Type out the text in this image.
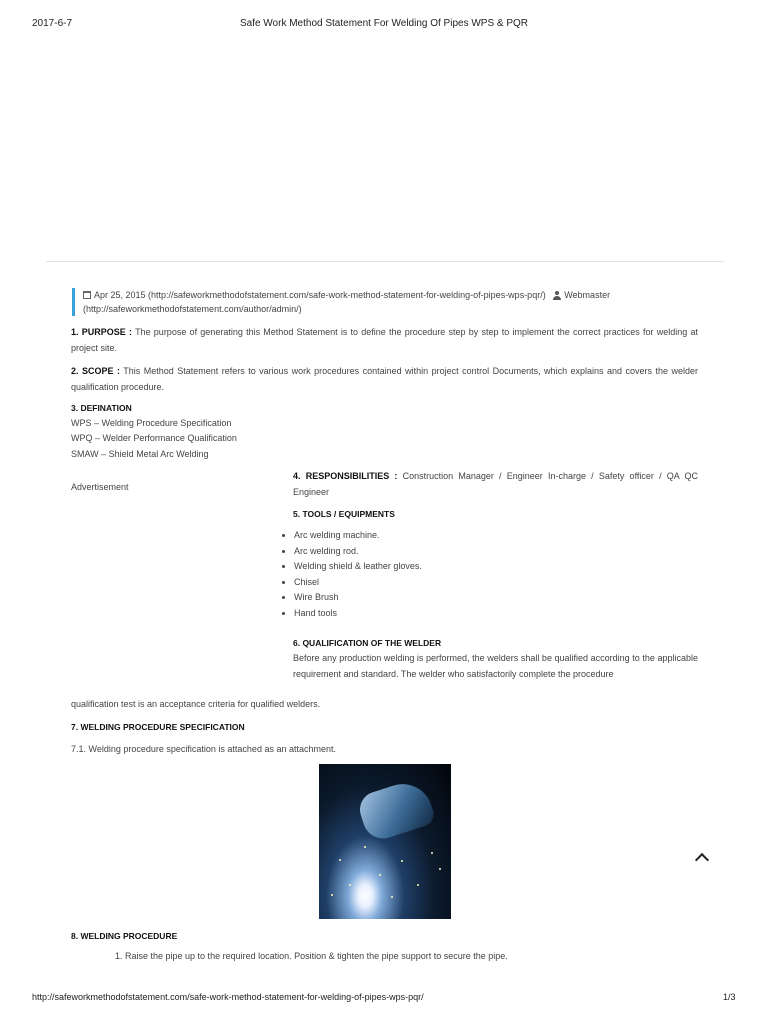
2017-6-7	Safe Work Method Statement For Welding Of Pipes WPS & PQR
Apr 25, 2015 (http://safeworkmethodofstatement.com/safe-work-method-statement-for-welding-of-pipes-wps-pqr/) Webmaster
(http://safeworkmethodofstatement.com/author/admin/)
1. PURPOSE : The purpose of generating this Method Statement is to define the procedure step by step to implement the correct practices for welding at project site.
2. SCOPE : This Method Statement refers to various work procedures contained within project control Documents, which explains and covers the welder qualification procedure.
3. DEFINATION
WPS – Welding Procedure Specification
WPQ – Welder Performance Qualification
SMAW – Shield Metal Arc Welding
Advertisement
4. RESPONSIBILITIES : Construction Manager / Engineer In-charge / Safety officer / QA QC Engineer
5. TOOLS / EQUIPMENTS
• Arc welding machine.
• Arc welding rod.
• Welding shield & leather gloves.
• Chisel
• Wire Brush
• Hand tools
6. QUALIFICATION OF THE WELDER
Before any production welding is performed, the welders shall be qualified according to the applicable requirement and standard. The welder who satisfactorily complete the procedure
qualification test is an acceptance criteria for qualified welders.
7. WELDING PROCEDURE SPECIFICATION
7.1. Welding procedure specification is attached as an attachment.
8. WELDING PROCEDURE
1. Raise the pipe up to the required location. Position & tighten the pipe support to secure the pipe.
http://safeworkmethodofstatement.com/safe-work-method-statement-for-welding-of-pipes-wps-pqr/	1/3
